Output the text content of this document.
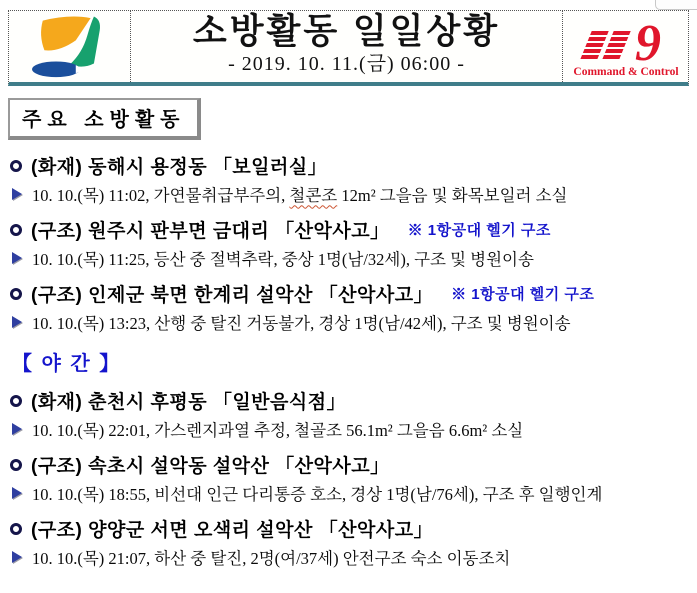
소방활동 일일상황
- 2019. 10. 11.(금) 06:00 -	9
Command & Control
주요 소방활동
(화재) 동해시 용정동 「보일러실」
10. 10.(목) 11:02, 가연물취급부주의, 철콘조 12m² 그을음 및 화목보일러 소실
(구조) 원주시 판부면 금대리 「산악사고」 ※ 1항공대 헬기 구조
10. 10.(목) 11:25, 등산 중 절벽추락, 중상 1명(남/32세), 구조 및 병원이송
(구조) 인제군 북면 한계리 설악산 「산악사고」 ※ 1항공대 헬기 구조
10. 10.(목) 13:23, 산행 중 탈진 거동불가, 경상 1명(남/42세), 구조 및 병원이송
【 야 간 】
(화재) 춘천시 후평동 「일반음식점」
10. 10.(목) 22:01, 가스렌지과열 추정, 철골조 56.1m² 그을음 6.6m² 소실
(구조) 속초시 설악동 설악산 「산악사고」
10. 10.(목) 18:55, 비선대 인근 다리통증 호소, 경상 1명(남/76세), 구조 후 일행인계
(구조) 양양군 서면 오색리 설악산 「산악사고」
10. 10.(목) 21:07, 하산 중 탈진, 2명(여/37세) 안전구조 숙소 이동조치
